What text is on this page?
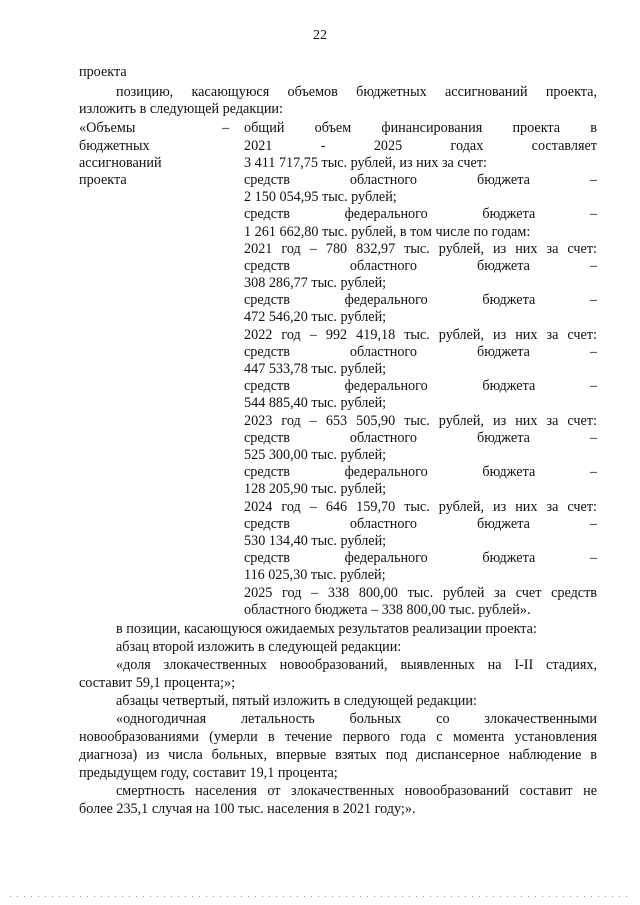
22
проекта
позицию, касающуюся объемов бюджетных ассигнований проекта,
изложить в следующей редакции:
«Объемы
бюджетных
ассигнований
проекта
– общий объем финансирования проекта в
2021 - 2025 годах составляет
3 411 717,75 тыс. рублей, из них за счет:
средств областного бюджета –
2 150 054,95 тыс. рублей;
средств федерального бюджета –
1 261 662,80 тыс. рублей, в том числе по годам:
2021 год – 780 832,97 тыс. рублей, из них за счет:
средств областного бюджета –
308 286,77 тыс. рублей;
средств федерального бюджета –
472 546,20 тыс. рублей;
2022 год – 992 419,18 тыс. рублей, из них за счет:
средств областного бюджета –
447 533,78 тыс. рублей;
средств федерального бюджета –
544 885,40 тыс. рублей;
2023 год – 653 505,90 тыс. рублей, из них за счет:
средств областного бюджета –
525 300,00 тыс. рублей;
средств федерального бюджета –
128 205,90 тыс. рублей;
2024 год – 646 159,70 тыс. рублей, из них за счет:
средств областного бюджета –
530 134,40 тыс. рублей;
средств федерального бюджета –
116 025,30 тыс. рублей;
2025 год – 338 800,00 тыс. рублей за счет средств
областного бюджета – 338 800,00 тыс. рублей».
в позиции, касающуюся ожидаемых результатов реализации проекта:
абзац второй изложить в следующей редакции:
«доля злокачественных новообразований, выявленных на I-II стадиях,
составит 59,1 процента;»;
абзацы четвертый, пятый изложить в следующей редакции:
«одногодичная летальность больных со злокачественными
новообразованиями (умерли в течение первого года с момента установления
диагноза) из числа больных, впервые взятых под диспансерное наблюдение в
предыдущем году, составит 19,1 процента;
смертность населения от злокачественных новообразований составит не
более 235,1 случая на 100 тыс. населения в 2021 году;».
